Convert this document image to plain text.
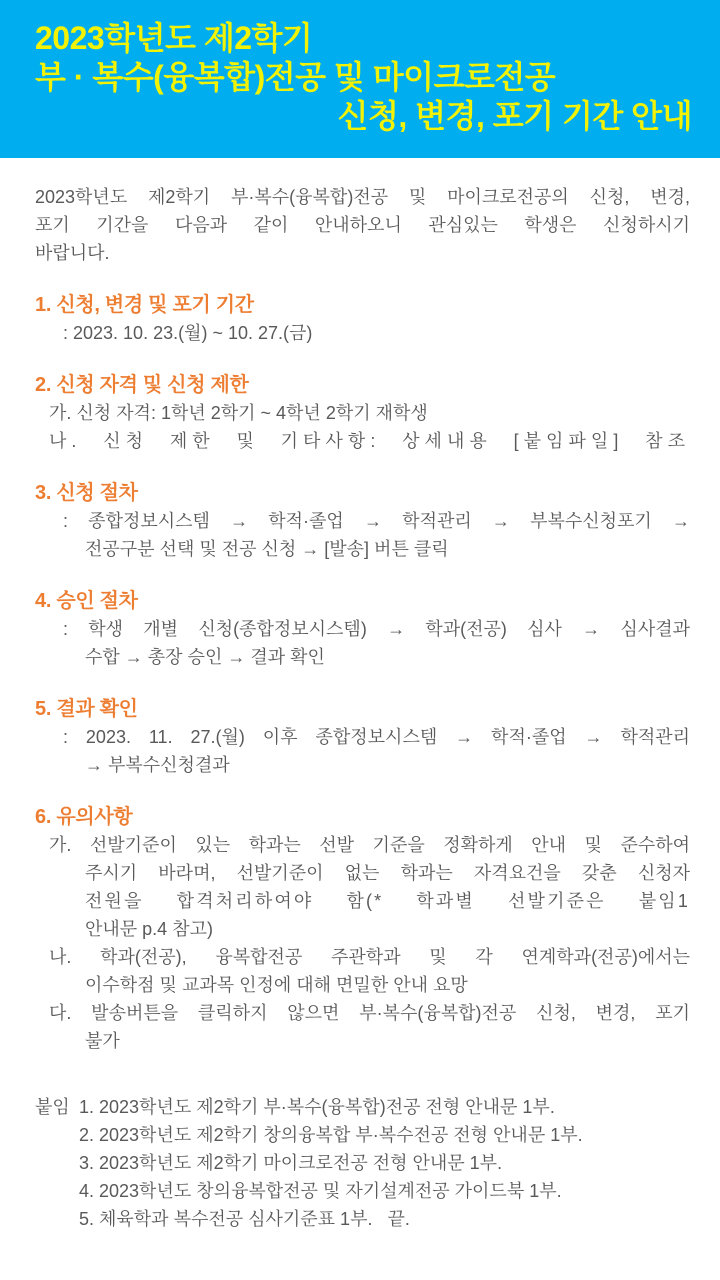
2023학년도 제2학기
부 · 복수(융복합)전공 및 마이크로전공
신청, 변경, 포기 기간 안내
2023학년도 제2학기 부·복수(융복합)전공 및 마이크로전공의 신청, 변경,
포기 기간을 다음과 같이 안내하오니 관심있는 학생은 신청하시기
바랍니다.
1. 신청, 변경 및 포기 기간
: 2023. 10. 23.(월) ~ 10. 27.(금)
2. 신청 자격 및 신청 제한
가. 신청 자격: 1학년 2학기 ~ 4학년 2학기 재학생
나. 신청 제한 및 기타사항: 상세내용 [붙임파일] 참조
3. 신청 절차
: 종합정보시스템 → 학적·졸업 → 학적관리 → 부복수신청포기 →
전공구분 선택 및 전공 신청 → [발송] 버튼 클릭
4. 승인 절차
: 학생 개별 신청(종합정보시스템) → 학과(전공) 심사 → 심사결과
수합 → 총장 승인 → 결과 확인
5. 결과 확인
: 2023. 11. 27.(월) 이후 종합정보시스템 → 학적·졸업 → 학적관리
→ 부복수신청결과
6. 유의사항
가. 선발기준이 있는 학과는 선발 기준을 정확하게 안내 및 준수하여
주시기 바라며, 선발기준이 없는 학과는 자격요건을 갖춘 신청자
전원을 합격처리하여야 함(* 학과별 선발기준은 붙임1
안내문 p.4 참고)
나. 학과(전공), 융복합전공 주관학과 및 각 연계학과(전공)에서는
이수학점 및 교과목 인정에 대해 면밀한 안내 요망
다. 발송버튼을 클릭하지 않으면 부·복수(융복합)전공 신청, 변경, 포기
불가
붙임 1. 2023학년도 제2학기 부·복수(융복합)전공 전형 안내문 1부.
2. 2023학년도 제2학기 창의융복합 부·복수전공 전형 안내문 1부.
3. 2023학년도 제2학기 마이크로전공 전형 안내문 1부.
4. 2023학년도 창의융복합전공 및 자기설계전공 가이드북 1부.
5. 체육학과 복수전공 심사기준표 1부.   끝.
